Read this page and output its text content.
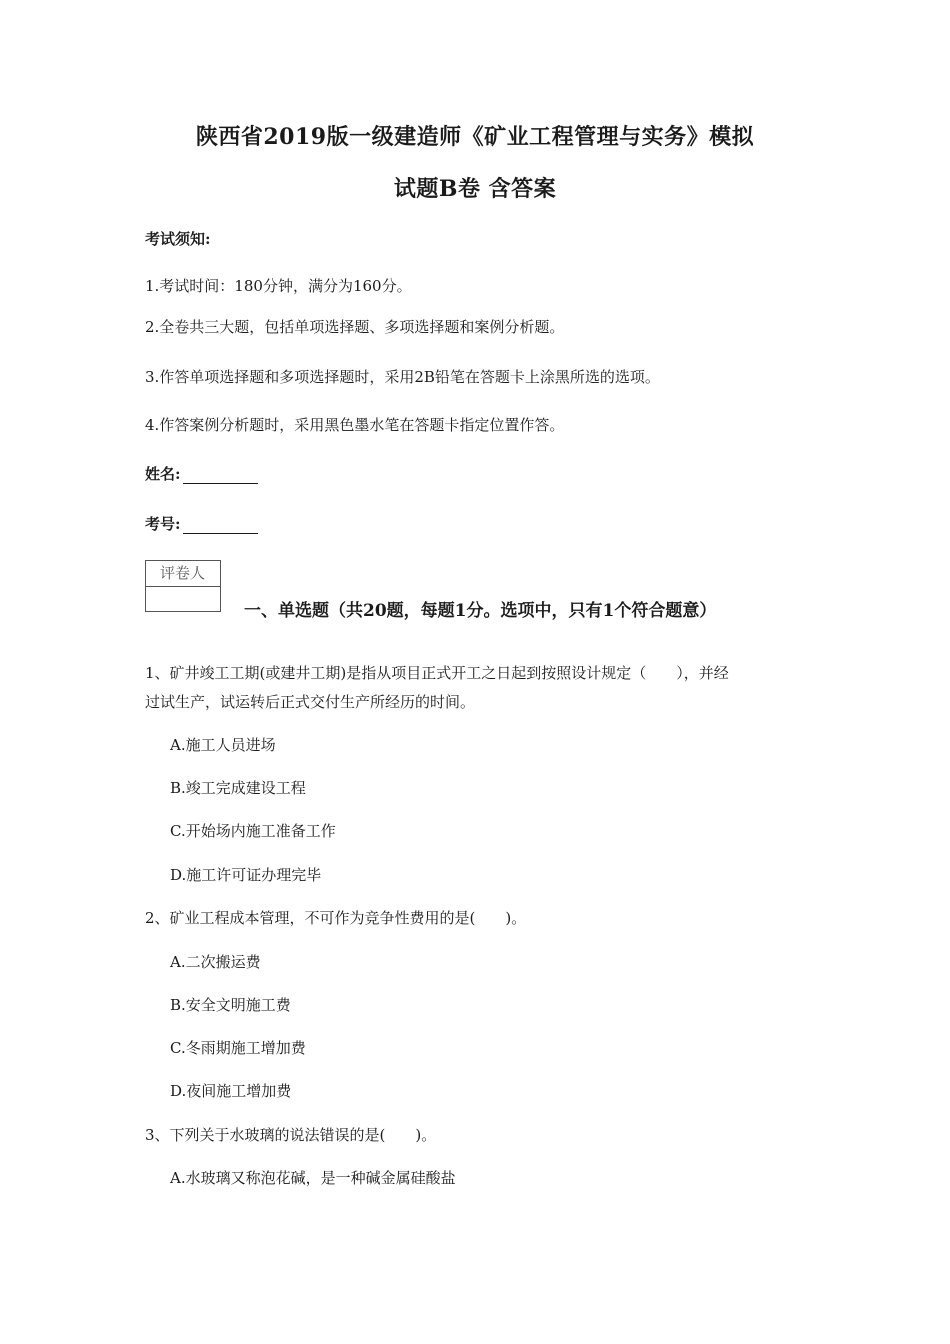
陕西省2019版一级建造师《矿业工程管理与实务》模拟
试题B卷 含答案
考试须知:
1.考试时间：180分钟，满分为160分。
2.全卷共三大题，包括单项选择题、多项选择题和案例分析题。
3.作答单项选择题和多项选择题时，采用2B铅笔在答题卡上涂黑所选的选项。
4.作答案例分析题时，采用黑色墨水笔在答题卡指定位置作答。
姓名:
考号:
评卷人
一、单选题（共20题，每题1分。选项中，只有1个符合题意）
1、矿井竣工工期(或建井工期)是指从项目正式开工之日起到按照设计规定（　　），并经
过试生产，试运转后正式交付生产所经历的时间。
A.施工人员进场
B.竣工完成建设工程
C.开始场内施工准备工作
D.施工许可证办理完毕
2、矿业工程成本管理，不可作为竞争性费用的是(　　)。
A.二次搬运费
B.安全文明施工费
C.冬雨期施工增加费
D.夜间施工增加费
3、下列关于水玻璃的说法错误的是(　　)。
A.水玻璃又称泡花碱，是一种碱金属硅酸盐
